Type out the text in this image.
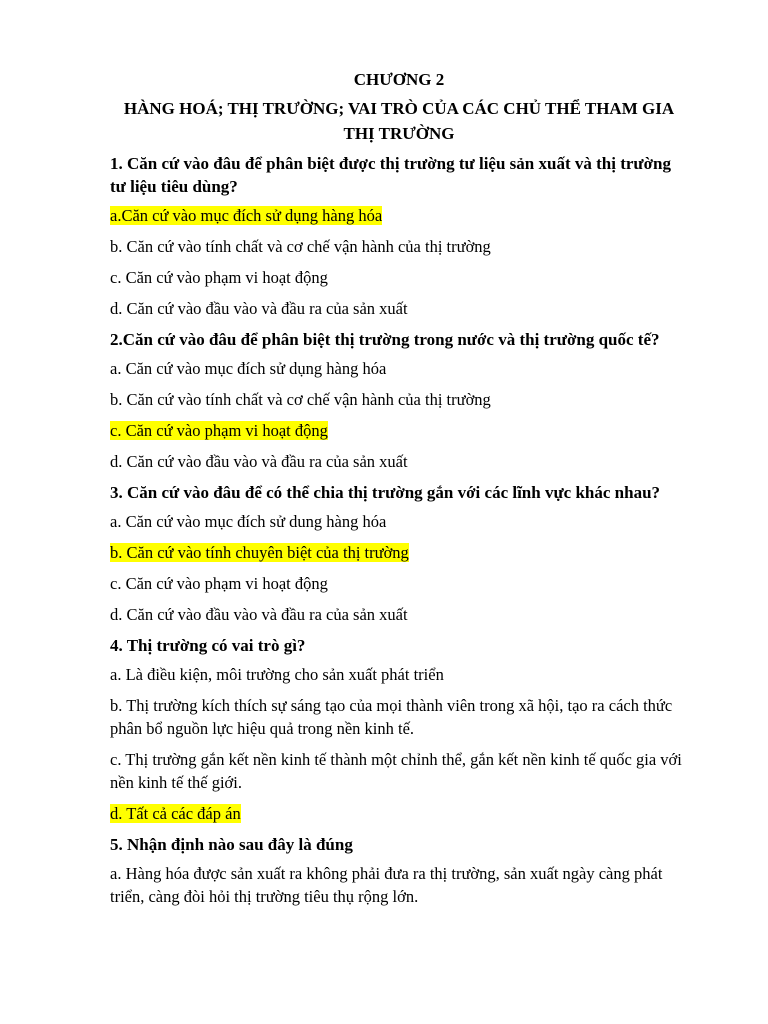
CHƯƠNG 2
HÀNG HOÁ; THỊ TRƯỜNG; VAI TRÒ CỦA CÁC CHỦ THỂ THAM GIA THỊ TRƯỜNG
1. Căn cứ vào đâu để phân biệt được thị trường tư liệu sản xuất và thị trường tư liệu tiêu dùng?
a.Căn cứ vào mục đích sử dụng hàng hóa
b. Căn cứ vào tính chất và cơ chế vận hành của thị trường
c. Căn cứ vào phạm vi hoạt động
d. Căn cứ vào đầu vào và đầu ra của sản xuất
2.Căn cứ vào đâu để phân biệt thị trường trong nước và thị trường quốc tế?
a. Căn cứ vào mục đích sử dụng hàng hóa
b. Căn cứ vào tính chất và cơ chế vận hành của thị trường
c. Căn cứ vào phạm vi hoạt động
d. Căn cứ vào đầu vào và đầu ra của sản xuất
3. Căn cứ vào đâu để có thể chia thị trường gắn với các lĩnh vực khác nhau?
a. Căn cứ vào mục đích sử dung hàng hóa
b. Căn cứ vào tính chuyên biệt của thị trường
c. Căn cứ vào phạm vi hoạt động
d. Căn cứ vào đầu vào và đầu ra của sản xuất
4. Thị trường có vai trò gì?
a. Là điều kiện, môi trường cho sản xuất phát triển
b. Thị trường kích thích sự sáng tạo của mọi thành viên trong xã hội, tạo ra cách thức phân bổ nguồn lực hiệu quả trong nền kinh tế.
c. Thị trường gắn kết nền kinh tế thành một chỉnh thể, gắn kết nền kinh tế quốc gia với nền kinh tế thế giới.
d. Tất cả các đáp án
5. Nhận định nào sau đây là đúng
a. Hàng hóa được sản xuất ra không phải đưa ra thị trường, sản xuất ngày càng phát triển, càng đòi hỏi thị trường tiêu thụ rộng lớn.
